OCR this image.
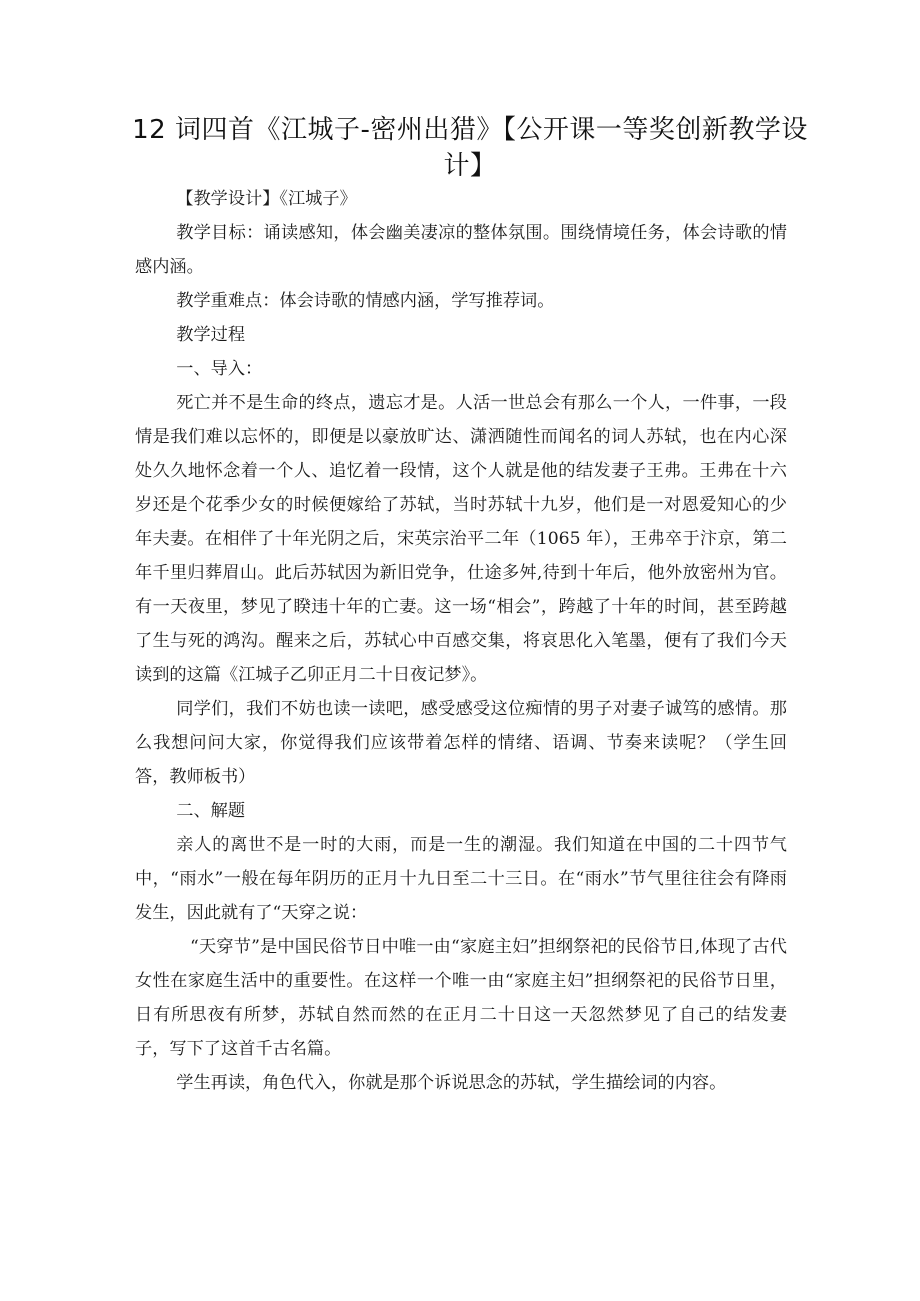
12 词四首《江城子-密州出猎》【公开课一等奖创新教学设计】

【教学设计】《江城子》

教学目标：诵读感知，体会幽美凄凉的整体氛围。围绕情境任务，体会诗歌的情感内涵。

教学重难点：体会诗歌的情感内涵，学写推荐词。

教学过程

一、导入：

死亡并不是生命的终点，遗忘才是。人活一世总会有那么一个人，一件事，一段情是我们难以忘怀的，即便是以豪放旷达、潇洒随性而闻名的词人苏轼，也在内心深处久久地怀念着一个人、追忆着一段情，这个人就是他的结发妻子王弗。王弗在十六岁还是个花季少女的时候便嫁给了苏轼，当时苏轼十九岁，他们是一对恩爱知心的少年夫妻。在相伴了十年光阴之后，宋英宗治平二年（1065 年），王弗卒于汴京，第二年千里归葬眉山。此后苏轼因为新旧党争，仕途多舛,待到十年后，他外放密州为官。有一天夜里，梦见了睽违十年的亡妻。这一场“相会”，跨越了十年的时间，甚至跨越了生与死的鸿沟。醒来之后，苏轼心中百感交集，将哀思化入笔墨，便有了我们今天读到的这篇《江城子乙卯正月二十日夜记梦》。

同学们，我们不妨也读一读吧，感受感受这位痴情的男子对妻子诚笃的感情。那么我想问问大家，你觉得我们应该带着怎样的情绪、语调、节奏来读呢？（学生回答，教师板书）

二、解题

亲人的离世不是一时的大雨，而是一生的潮湿。我们知道在中国的二十四节气中，“雨水”一般在每年阴历的正月十九日至二十三日。在“雨水”节气里往往会有降雨发生，因此就有了“天穿之说：

“天穿节”是中国民俗节日中唯一由“家庭主妇”担纲祭祀的民俗节日,体现了古代女性在家庭生活中的重要性。在这样一个唯一由“家庭主妇”担纲祭祀的民俗节日里，日有所思夜有所梦，苏轼自然而然的在正月二十日这一天忽然梦见了自己的结发妻子，写下了这首千古名篇。

学生再读，角色代入，你就是那个诉说思念的苏轼，学生描绘词的内容。
